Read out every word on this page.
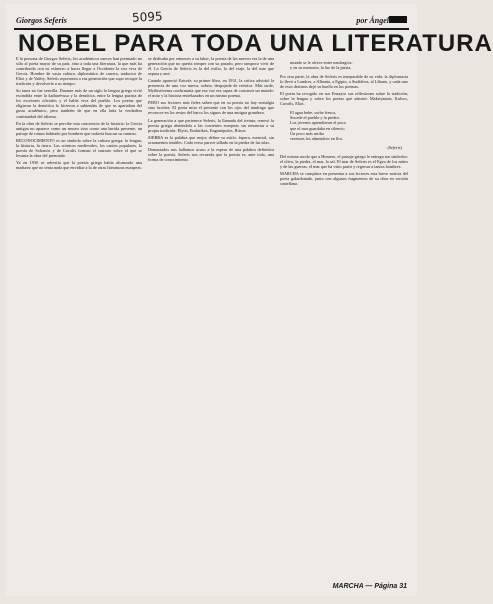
Giorgos Seferis	5095	por Ángel
NOBEL PARA TODA UNA LITERATURA

E la persona de Giorgos Seferis, los académicos suecos han premiado no sólo al poeta mayor de su país, sino a toda una literatura, la que más ha contribuido con su esfuerzo a hacer llegar a Occidente la voz viva de Grecia. Hombre de vasta cultura, diplomático de carrera, traductor de Eliot y de Valéry, Seferis representa a esa generación que supo recoger la tradición y devolverla a su tiempo.

Su tarea no fue sencilla. Durante más de un siglo la lengua griega vivió escindida entre la katharévusa y la demótica, entre la lengua purista de los escritores oficiales y el habla viva del pueblo. Los poetas que eligieron la demótica lo hicieron a sabiendas de que se apartaban del gusto académico, pero también de que en ella latía la verdadera continuidad del idioma.

En la obra de Seferis se percibe esta conciencia de la historia: la Grecia antigua no aparece como un museo sino como una herida presente, un paisaje de ruinas habitado por hombres que todavía buscan su camino.

RECONOCIMIENTO es un símbolo sobre la cultura griega: la lengua, la historia, la tierra. Las crónicas medievales, los cantos populares, la poesía de Solomós y de Cavafis forman el sustrato sobre el que se levanta la obra del premiado.

Ya en 1930 se advertía que la poesía griega había alcanzado una madurez que no tenía nada que envidiar a la de otras literaturas europeas.

se dedicaba por entonces a su labor; la poesía de los nuevos era la de una generación que no quería romper con su pasado, pero tampoco vivir de él. La Grecia de Seferis es la del exilio, la del viaje, la del mar que separa y une.

Cuando apareció Estrofe, su primer libro, en 1931, la crítica advirtió la presencia de una voz nueva, sobria, despojada de retórica. Más tarde, Mythistórema confirmaría que esa voz era capaz de construir un mundo: el mito y la historia entrelazados en un mismo poema.

PERO sus lectores más fieles saben que en su poesía no hay nostalgia sino lucidez. El poeta mira el presente con los ojos del náufrago que reconoce en los restos del barco los signos de una antigua grandeza.

La generación a que pertenece Seferis, la llamada del treinta, renovó la poesía griega abriéndola a las corrientes europeas sin renunciar a su propia tradición: Elytis, Embirikos, Engonópulos, Ritsos.

SIERRA es la palabra que mejor define su estilo: áspera, esencial, sin ornamentos inútiles. Cada verso parece tallado en la piedra de las islas.

Demasiados nos hallamos acaso a la espera de una palabra definitiva sobre la poesía. Seferis nos recuerda que la poesía es, ante todo, una forma de conocimiento.

mundo se le ofrece entre naufragios,

y en su memoria, la luz de la patria.

Por otra parte, la obra de Seferis es inseparable de su vida: la diplomacia lo llevó a Londres, a Albania, a Egipto, a Sudáfrica, al Líbano, y cada uno de esos destinos dejó su huella en los poemas.

El poeta ha recogido en sus Ensayos sus reflexiones sobre la tradición, sobre la lengua y sobre los poetas que admiró: Makriyannis, Kalvos, Cavafis, Eliot.

El agua bebe, sorbe fresca,

Sucede el pueblo y la piedra:

Los jóvenes aprendieron el poco

que el mar guardaba en silencio.

Un poco más arriba

veremos los almendros en flor.

(Seferis)

Del mismo modo que a Homero, el paisaje griego le entrega sus símbolos: el olivo, la piedra, el mar, la sal. El mar de Seferis es el Egeo de los mitos y de las guerras, el mar que ha visto partir y regresar a tantos hombres.

MARCHA se complace en presentar a sus lectores esta breve noticia del poeta galardonado, junto con algunos fragmentos de su obra en versión castellana.

MARCHA — Página 31
